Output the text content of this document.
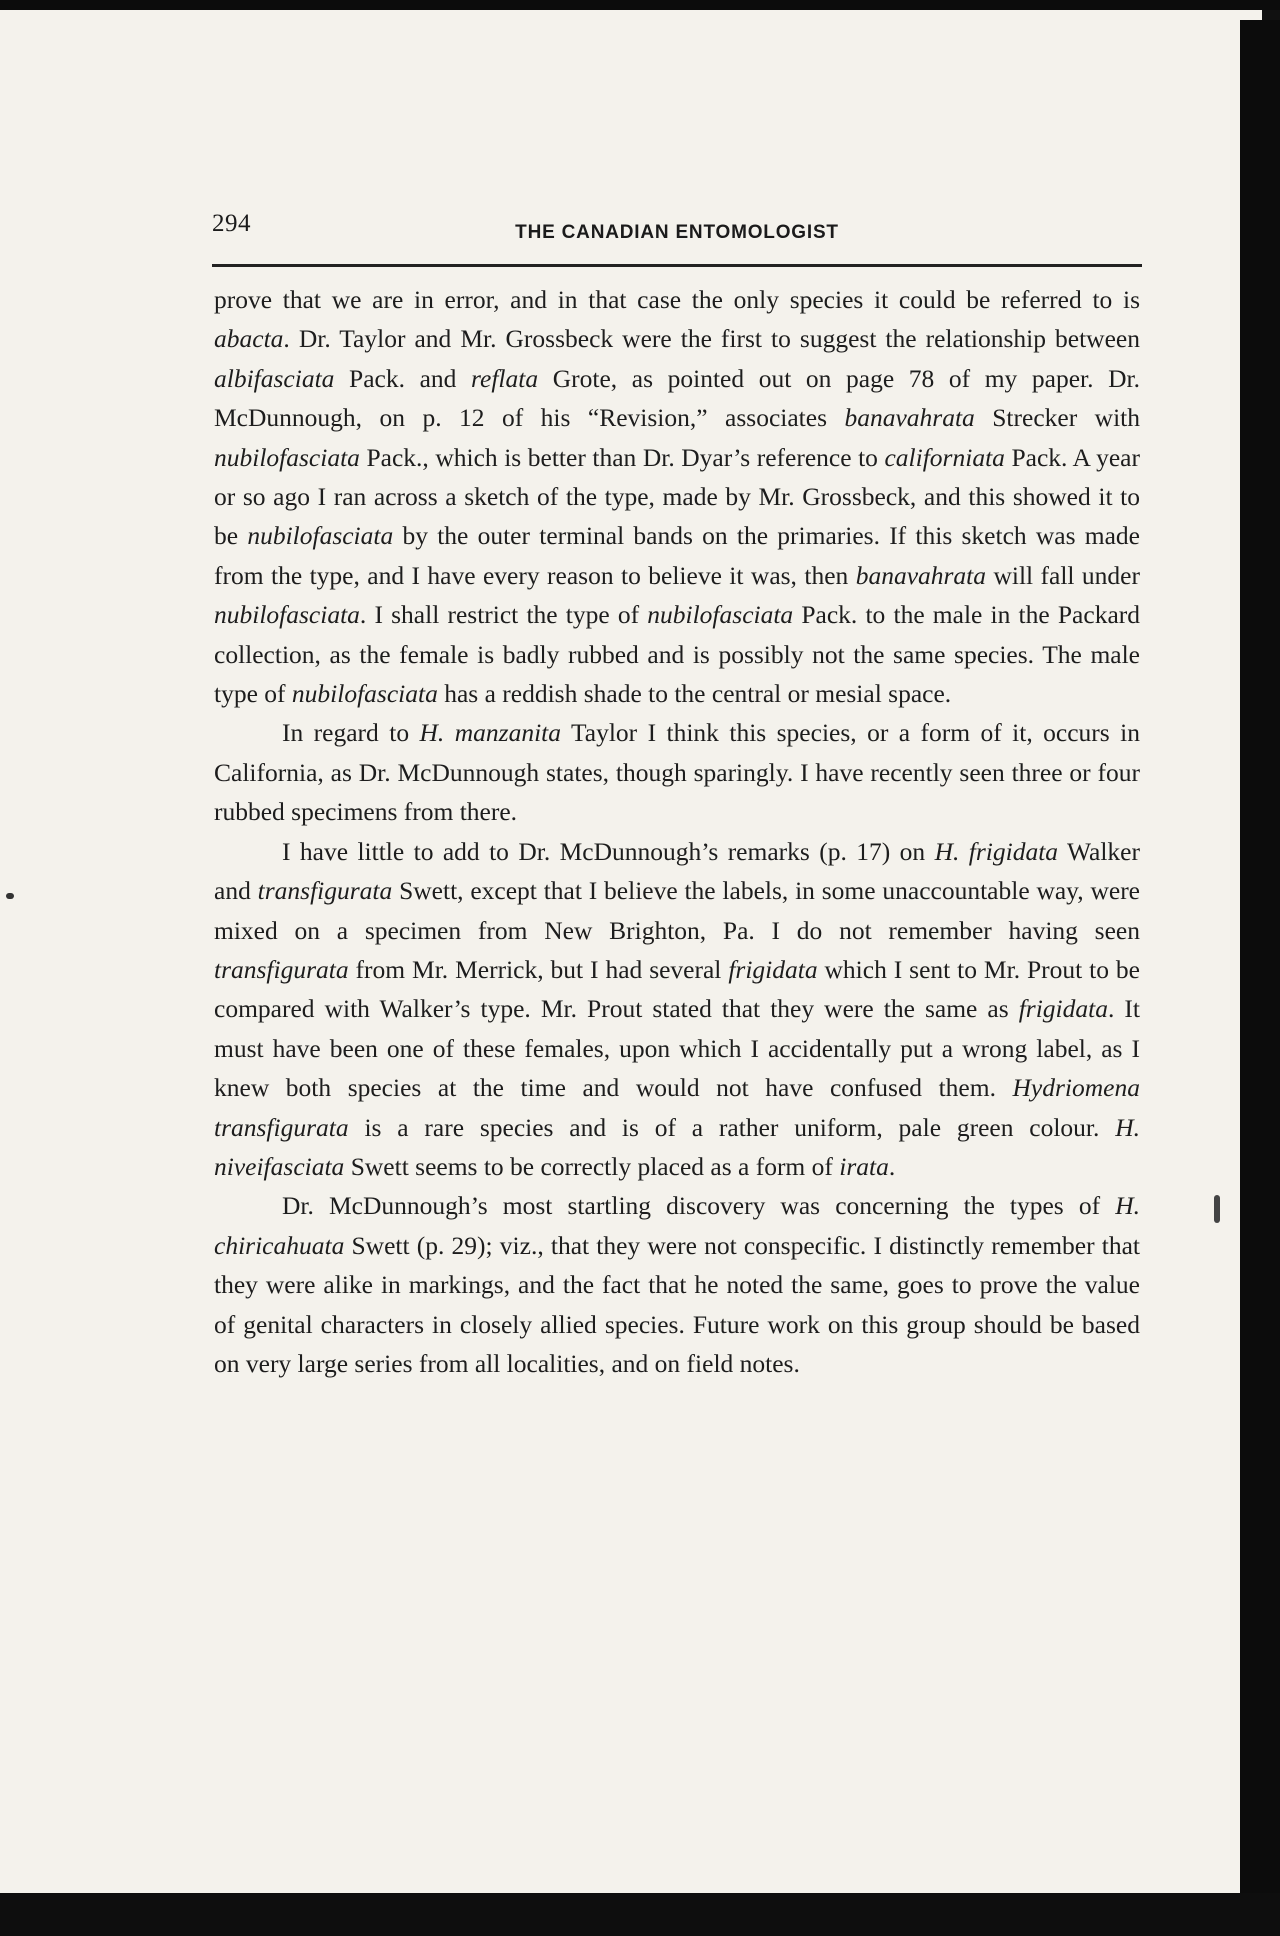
294	THE CANADIAN ENTOMOLOGIST

prove that we are in error, and in that case the only species it could be referred to is abacta. Dr. Taylor and Mr. Grossbeck were the first to suggest the relationship between albifasciata Pack. and reflata Grote, as pointed out on page 78 of my paper. Dr. McDunnough, on p. 12 of his “Revision,” associates banavahrata Strecker with nubilofasciata Pack., which is better than Dr. Dyar’s reference to californiata Pack. A year or so ago I ran across a sketch of the type, made by Mr. Grossbeck, and this showed it to be nubilofasciata by the outer terminal bands on the primaries. If this sketch was made from the type, and I have every reason to believe it was, then banavahrata will fall under nubilofasciata. I shall restrict the type of nubilofasciata Pack. to the male in the Packard collection, as the female is badly rubbed and is possibly not the same species. The male type of nubilofasciata has a reddish shade to the central or mesial space.

In regard to H. manzanita Taylor I think this species, or a form of it, occurs in California, as Dr. McDunnough states, though sparingly. I have recently seen three or four rubbed specimens from there.

I have little to add to Dr. McDunnough’s remarks (p. 17) on H. frigidata Walker and transfigurata Swett, except that I believe the labels, in some unaccountable way, were mixed on a specimen from New Brighton, Pa. I do not remember having seen transfigurata from Mr. Merrick, but I had several frigidata which I sent to Mr. Prout to be compared with Walker’s type. Mr. Prout stated that they were the same as frigidata. It must have been one of these females, upon which I accidentally put a wrong label, as I knew both species at the time and would not have confused them. Hydriomena transfigurata is a rare species and is of a rather uniform, pale green colour. H. niveifasciata Swett seems to be correctly placed as a form of irata.

Dr. McDunnough’s most startling discovery was concerning the types of H. chiricahuata Swett (p. 29); viz., that they were not conspecific. I distinctly remember that they were alike in markings, and the fact that he noted the same, goes to prove the value of genital characters in closely allied species. Future work on this group should be based on very large series from all localities, and on field notes.
